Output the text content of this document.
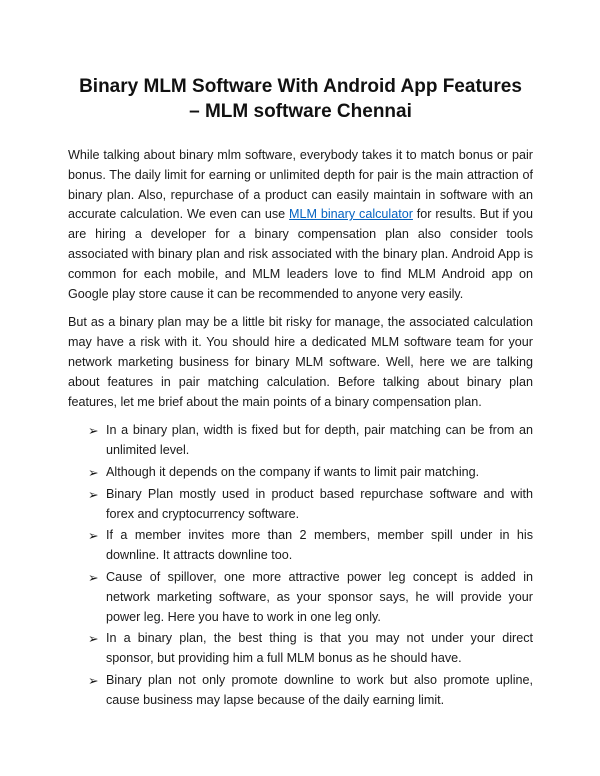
Binary MLM Software With Android App Features
– MLM software Chennai

While talking about binary mlm software, everybody takes it to match bonus or pair bonus. The daily limit for earning or unlimited depth for pair is the main attraction of binary plan. Also, repurchase of a product can easily maintain in software with an accurate calculation. We even can use MLM binary calculator for results. But if you are hiring a developer for a binary compensation plan also consider tools associated with binary plan and risk associated with the binary plan. Android App is common for each mobile, and MLM leaders love to find MLM Android app on Google play store cause it can be recommended to anyone very easily.

But as a binary plan may be a little bit risky for manage, the associated calculation may have a risk with it. You should hire a dedicated MLM software team for your network marketing business for binary MLM software. Well, here we are talking about features in pair matching calculation. Before talking about binary plan features, let me brief about the main points of a binary compensation plan.

➢ In a binary plan, width is fixed but for depth, pair matching can be from an unlimited level.
➢ Although it depends on the company if wants to limit pair matching.
➢ Binary Plan mostly used in product based repurchase software and with forex and cryptocurrency software.
➢ If a member invites more than 2 members, member spill under in his downline. It attracts downline too.
➢ Cause of spillover, one more attractive power leg concept is added in network marketing software, as your sponsor says, he will provide your power leg. Here you have to work in one leg only.
➢ In a binary plan, the best thing is that you may not under your direct sponsor, but providing him a full MLM bonus as he should have.
➢ Binary plan not only promote downline to work but also promote upline, cause business may lapse because of the daily earning limit.
